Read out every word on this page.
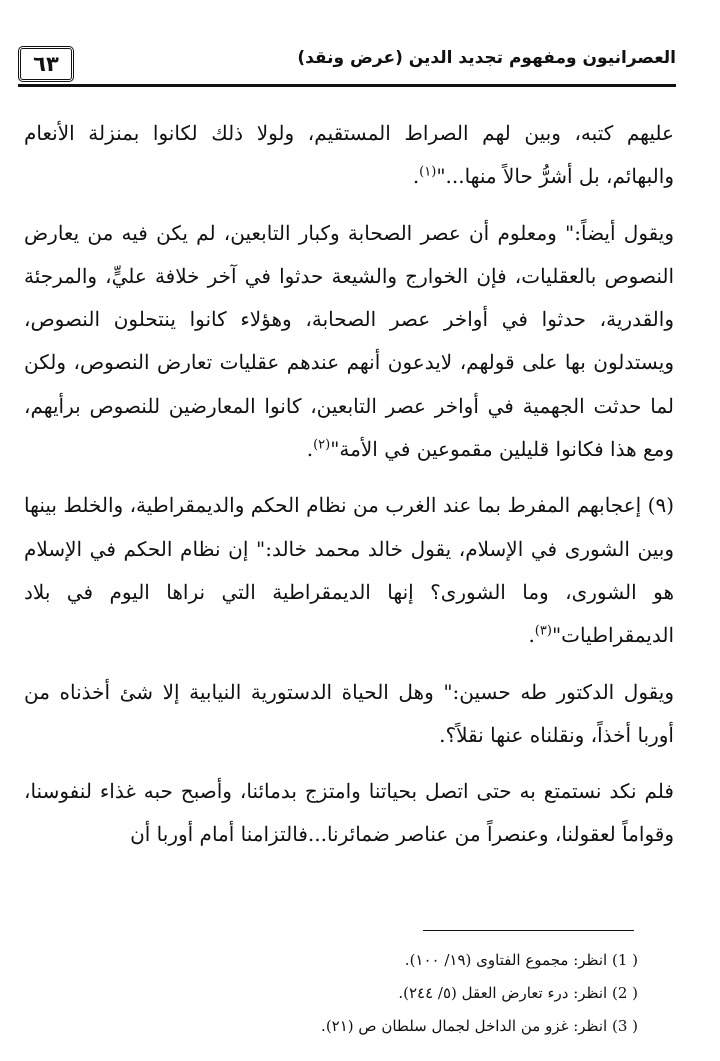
٦٣	العصرانيون ومفهوم تجديد الدين (عرض ونقد)

عليهم كتبه، وبين لهم الصراط المستقيم، ولولا ذلك لكانوا بمنزلة الأنعام والبهائم، بل أشرُّ حالاً منها..."$^{(١)}$.

ويقول أيضاً:" ومعلوم أن عصر الصحابة وكبار التابعين، لم يكن فيه من يعارض النصوص بالعقليات، فإن الخوارج والشيعة حدثوا في آخر خلافة عليٍّ، والمرجئة والقدرية، حدثوا في أواخر عصر الصحابة، وهؤلاء كانوا ينتحلون النصوص، ويستدلون بها على قولهم، لايدعون أنهم عندهم عقليات تعارض النصوص، ولكن لما حدثت الجهمية في أواخر عصر التابعين، كانوا المعارضين للنصوص برأيهم، ومع هذا فكانوا قليلين مقموعين في الأمة"$^{(٢)}$.

(٩) إعجابهم المفرط بما عند الغرب من نظام الحكم والديمقراطية، والخلط بينها وبين الشورى في الإسلام، يقول خالد محمد خالد:" إن نظام الحكم في الإسلام هو الشورى، وما الشورى؟ إنها الديمقراطية التي نراها اليوم في بلاد الديمقراطيات"$^{(٣)}$.

ويقول الدكتور طه حسين:" وهل الحياة الدستورية النيابية إلا شئ أخذناه من أوربا أخذاً، ونقلناه عنها نقلاً؟.

فلم نكد نستمتع به حتى اتصل بحياتنا وامتزج بدمائنا، وأصبح حبه غذاء لنفوسنا، وقواماً لعقولنا، وعنصراً من عناصر ضمائرنا...فالتزامنا أمام أوربا أن

( 1) انظر: مجموع الفتاوى (١٩/ ١٠٠).
( 2) انظر: درء تعارض العقل (٥/ ٢٤٤).
( 3) انظر: غزو من الداخل لجمال سلطان ص (٢١).
